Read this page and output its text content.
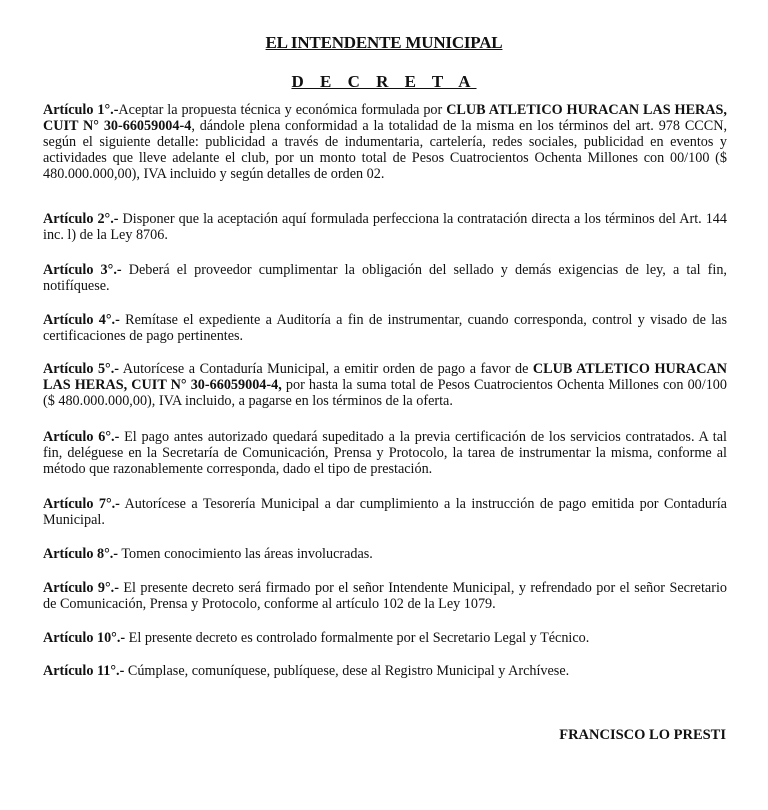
EL INTENDENTE MUNICIPAL
D E C R E T A

Artículo 1°.-Aceptar la propuesta técnica y económica formulada por CLUB ATLETICO HURACAN LAS HERAS, CUIT N° 30-66059004-4, dándole plena conformidad a la totalidad de la misma en los términos del art. 978 CCCN, según el siguiente detalle: publicidad a través de indumentaria, cartelería, redes sociales, publicidad en eventos y actividades que lleve adelante el club, por un monto total de Pesos Cuatrocientos Ochenta Millones con 00/100 ($ 480.000.000,00), IVA incluido y según detalles de orden 02.

Artículo 2°.- Disponer que la aceptación aquí formulada perfecciona la contratación directa a los términos del Art. 144 inc. l) de la Ley 8706.

Artículo 3°.- Deberá el proveedor cumplimentar la obligación del sellado y demás exigencias de ley, a tal fin, notifíquese.

Artículo 4°.- Remítase el expediente a Auditoría a fin de instrumentar, cuando corresponda, control y visado de las certificaciones de pago pertinentes.

Artículo 5°.- Autorícese a Contaduría Municipal, a emitir orden de pago a favor de CLUB ATLETICO HURACAN LAS HERAS, CUIT N° 30-66059004-4, por hasta la suma total de Pesos Cuatrocientos Ochenta Millones con 00/100 ($ 480.000.000,00), IVA incluido, a pagarse en los términos de la oferta.

Artículo 6°.- El pago antes autorizado quedará supeditado a la previa certificación de los servicios contratados. A tal fin, deléguese en la Secretaría de Comunicación, Prensa y Protocolo, la tarea de instrumentar la misma, conforme al método que razonablemente corresponda, dado el tipo de prestación.

Artículo 7°.- Autorícese a Tesorería Municipal a dar cumplimiento a la instrucción de pago emitida por Contaduría Municipal.

Artículo 8°.- Tomen conocimiento las áreas involucradas.

Artículo 9°.- El presente decreto será firmado por el señor Intendente Municipal, y refrendado por el señor Secretario de Comunicación, Prensa y Protocolo, conforme al artículo 102 de la Ley 1079.

Artículo 10°.- El presente decreto es controlado formalmente por el Secretario Legal y Técnico.

Artículo 11°.- Cúmplase, comuníquese, publíquese, dese al Registro Municipal y Archívese.

FRANCISCO LO PRESTI
